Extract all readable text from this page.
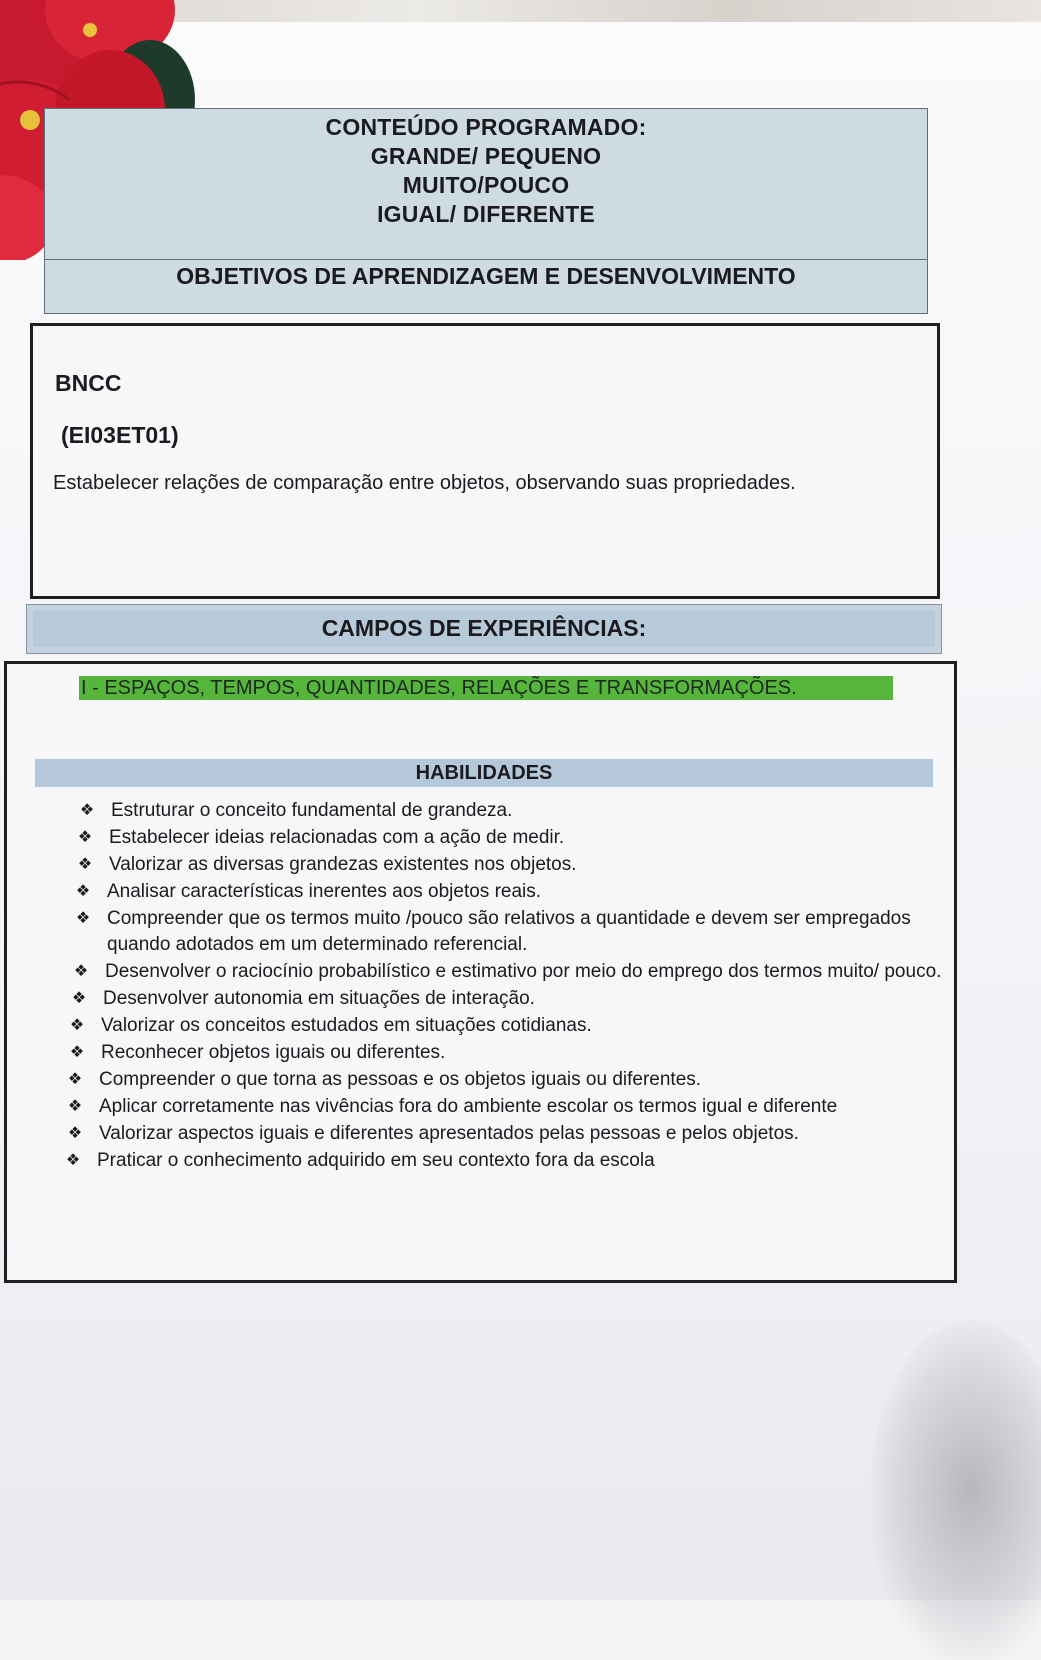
CONTEÚDO PROGRAMADO:
GRANDE/ PEQUENO
MUITO/POUCO
IGUAL/ DIFERENTE
OBJETIVOS DE APRENDIZAGEM E DESENVOLVIMENTO
BNCC
(EI03ET01)
Estabelecer relações de comparação entre objetos, observando suas propriedades.
CAMPOS DE EXPERIÊNCIAS:
I - ESPAÇOS, TEMPOS, QUANTIDADES, RELAÇÕES E TRANSFORMAÇÕES.
HABILIDADES
❖ Estruturar o conceito fundamental de grandeza.
❖ Estabelecer ideias relacionadas com a ação de medir.
❖ Valorizar as diversas grandezas existentes nos objetos.
❖ Analisar características inerentes aos objetos reais.
❖ Compreender que os termos muito /pouco são relativos a quantidade e devem ser empregados quando adotados em um determinado referencial.
❖ Desenvolver o raciocínio probabilístico e estimativo por meio do emprego dos termos muito/ pouco.
❖ Desenvolver autonomia em situações de interação.
❖ Valorizar os conceitos estudados em situações cotidianas.
❖ Reconhecer objetos iguais ou diferentes.
❖ Compreender o que torna as pessoas e os objetos iguais ou diferentes.
❖ Aplicar corretamente nas vivências fora do ambiente escolar os termos igual e diferente
❖ Valorizar aspectos iguais e diferentes apresentados pelas pessoas e pelos objetos.
❖ Praticar o conhecimento adquirido em seu contexto fora da escola
